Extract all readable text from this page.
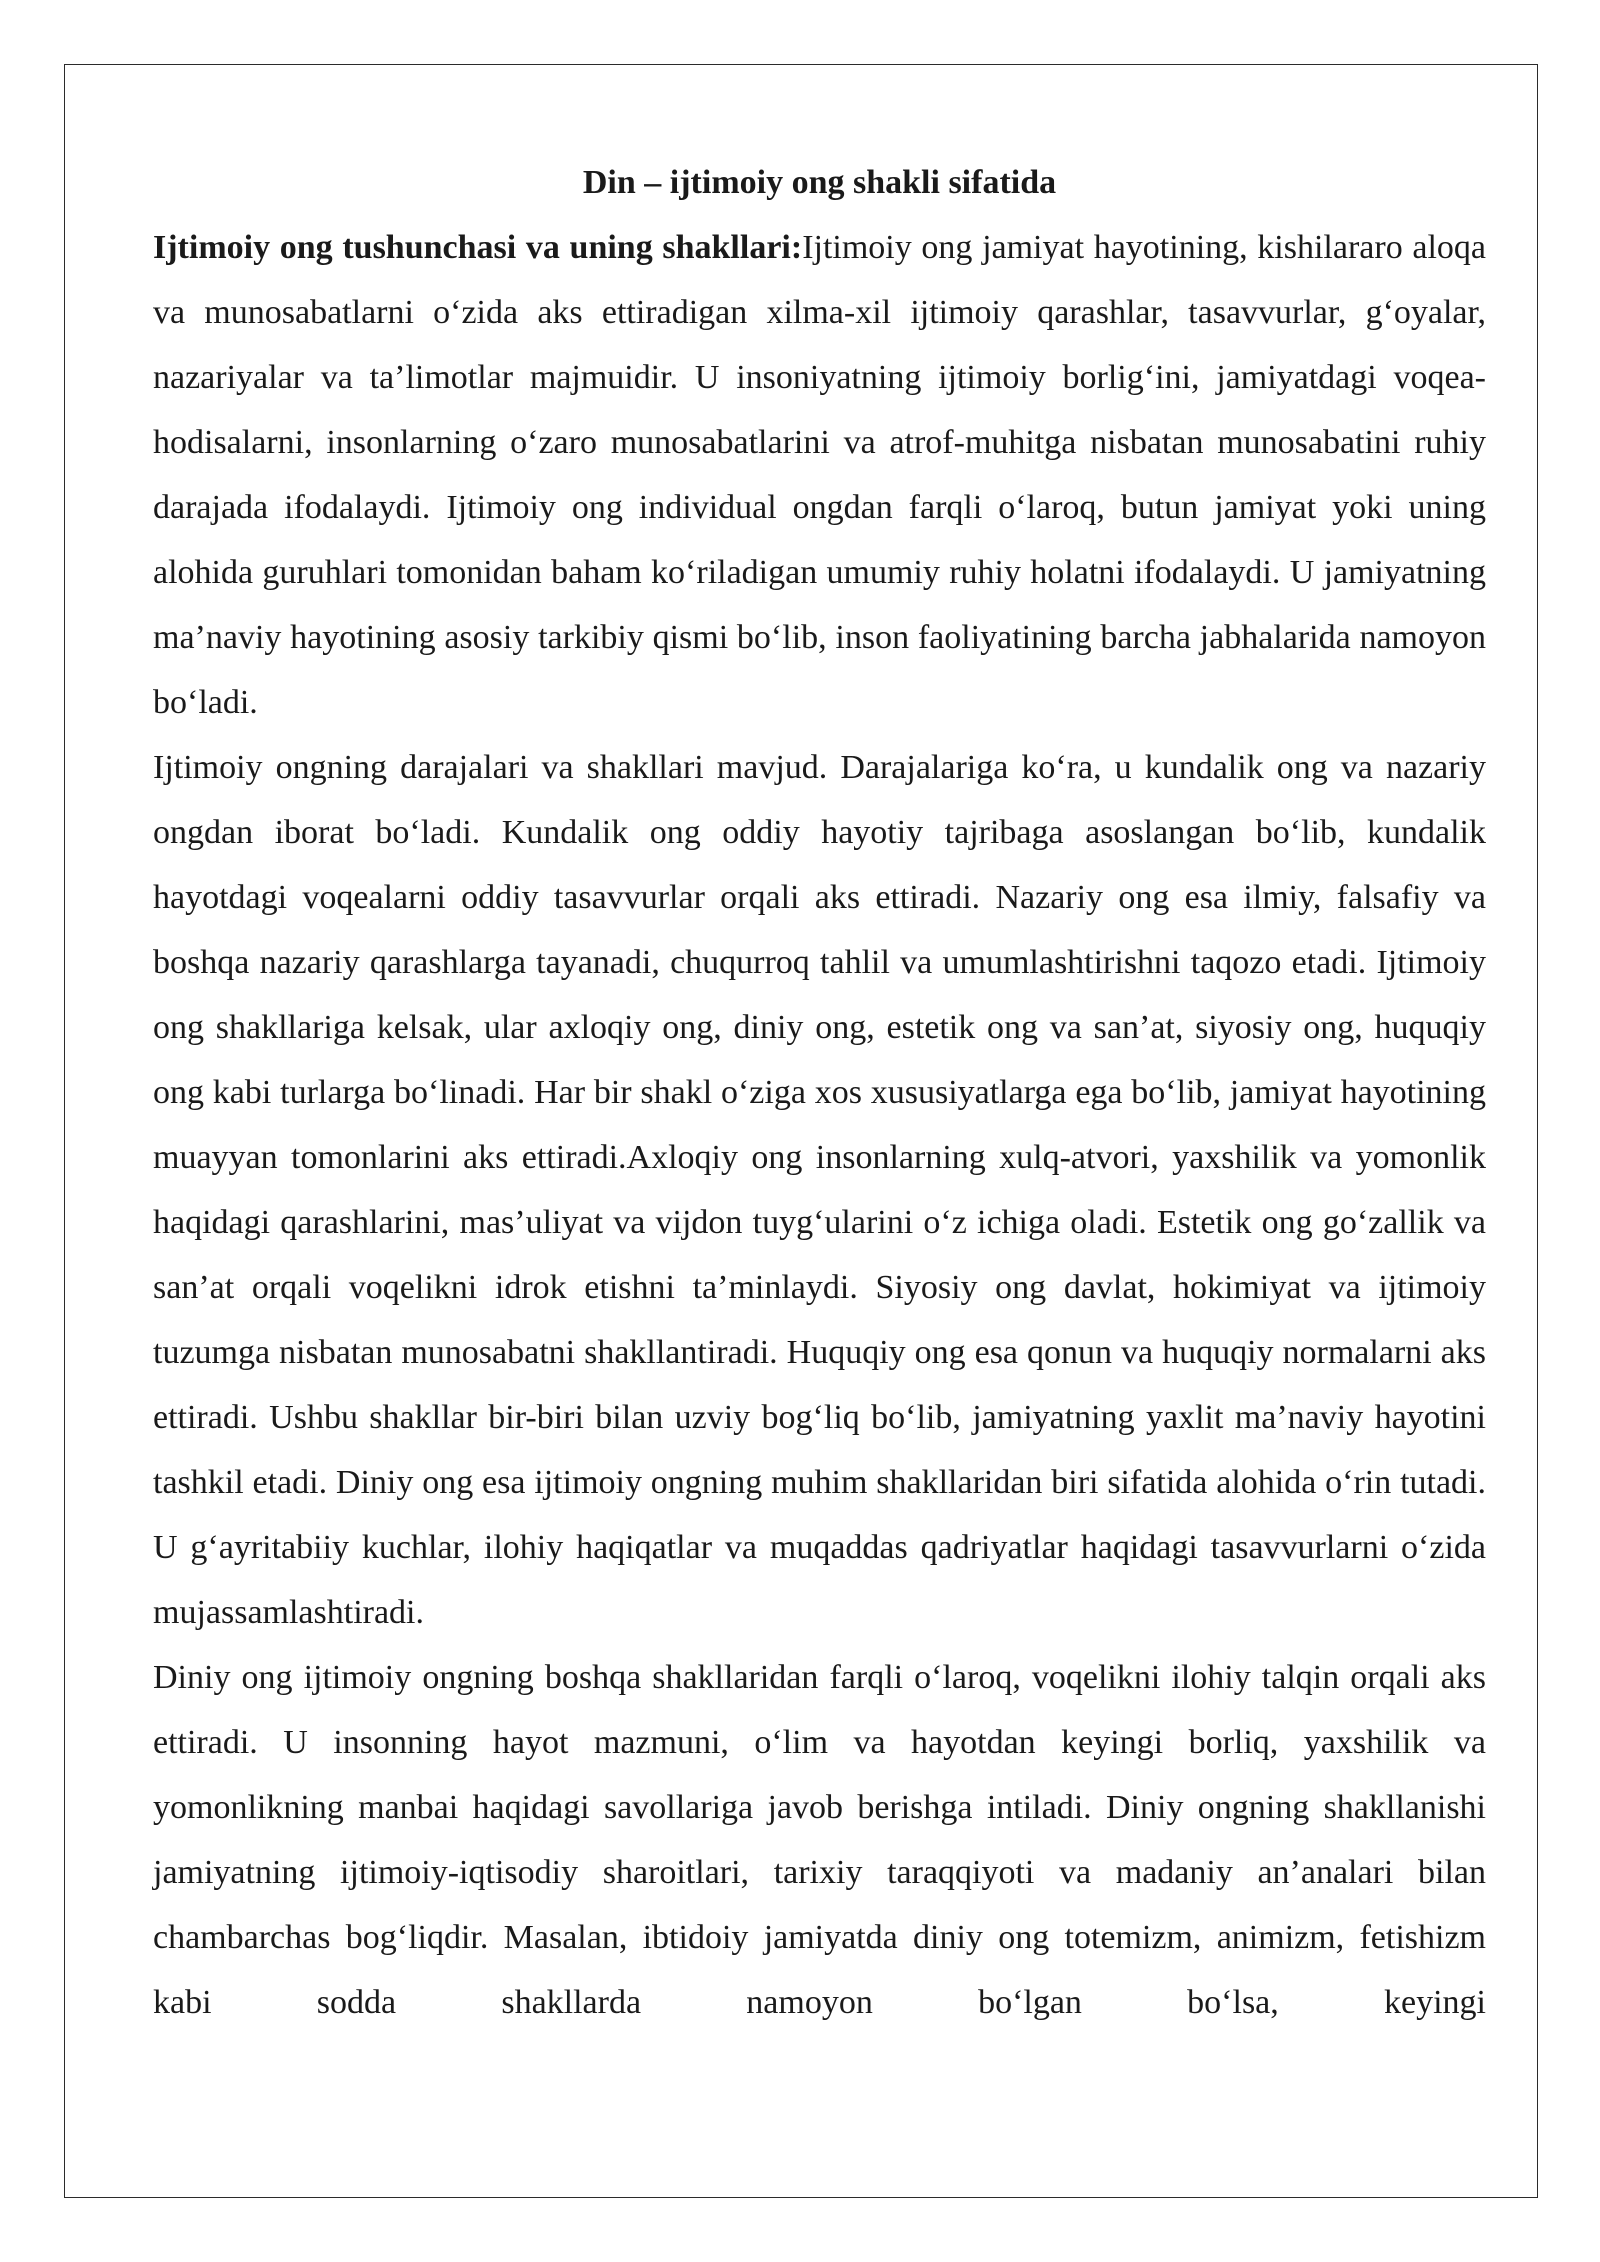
Din – ijtimoiy ong shakli sifatida

Ijtimoiy ong tushunchasi va uning shakllari:Ijtimoiy ong jamiyat hayotining, kishilararo aloqa va munosabatlarni o‘zida aks ettiradigan xilma-xil ijtimoiy qarashlar, tasavvurlar, g‘oyalar, nazariyalar va ta’limotlar majmuidir. U insoniyatning ijtimoiy borlig‘ini, jamiyatdagi voqea-hodisalarni, insonlarning o‘zaro munosabatlarini va atrof-muhitga nisbatan munosabatini ruhiy darajada ifodalaydi. Ijtimoiy ong individual ongdan farqli o‘laroq, butun jamiyat yoki uning alohida guruhlari tomonidan baham ko‘riladigan umumiy ruhiy holatni ifodalaydi. U jamiyatning ma’naviy hayotining asosiy tarkibiy qismi bo‘lib, inson faoliyatining barcha jabhalarida namoyon bo‘ladi.

Ijtimoiy ongning darajalari va shakllari mavjud. Darajalariga ko‘ra, u kundalik ong va nazariy ongdan iborat bo‘ladi. Kundalik ong oddiy hayotiy tajribaga asoslangan bo‘lib, kundalik hayotdagi voqealarni oddiy tasavvurlar orqali aks ettiradi. Nazariy ong esa ilmiy, falsafiy va boshqa nazariy qarashlarga tayanadi, chuqurroq tahlil va umumlashtirishni taqozo etadi. Ijtimoiy ong shakllariga kelsak, ular axloqiy ong, diniy ong, estetik ong va san’at, siyosiy ong, huquqiy ong kabi turlarga bo‘linadi. Har bir shakl o‘ziga xos xususiyatlarga ega bo‘lib, jamiyat hayotining muayyan tomonlarini aks ettiradi.Axloqiy ong insonlarning xulq-atvori, yaxshilik va yomonlik haqidagi qarashlarini, mas’uliyat va vijdon tuyg‘ularini o‘z ichiga oladi. Estetik ong go‘zallik va san’at orqali voqelikni idrok etishni ta’minlaydi. Siyosiy ong davlat, hokimiyat va ijtimoiy tuzumga nisbatan munosabatni shakllantiradi. Huquqiy ong esa qonun va huquqiy normalarni aks ettiradi. Ushbu shakllar bir-biri bilan uzviy bog‘liq bo‘lib, jamiyatning yaxlit ma’naviy hayotini tashkil etadi. Diniy ong esa ijtimoiy ongning muhim shakllaridan biri sifatida alohida o‘rin tutadi. U g‘ayritabiiy kuchlar, ilohiy haqiqatlar va muqaddas qadriyatlar haqidagi tasavvurlarni o‘zida mujassamlashtiradi.

Diniy ong ijtimoiy ongning boshqa shakllaridan farqli o‘laroq, voqelikni ilohiy talqin orqali aks ettiradi. U insonning hayot mazmuni, o‘lim va hayotdan keyingi borliq, yaxshilik va yomonlikning manbai haqidagi savollariga javob berishga intiladi. Diniy ongning shakllanishi jamiyatning ijtimoiy-iqtisodiy sharoitlari, tarixiy taraqqiyoti va madaniy an’analari bilan chambarchas bog‘liqdir. Masalan, ibtidoiy jamiyatda diniy ong totemizm, animizm, fetishizm kabi sodda shakllarda namoyon bo‘lgan bo‘lsa, keyingi
